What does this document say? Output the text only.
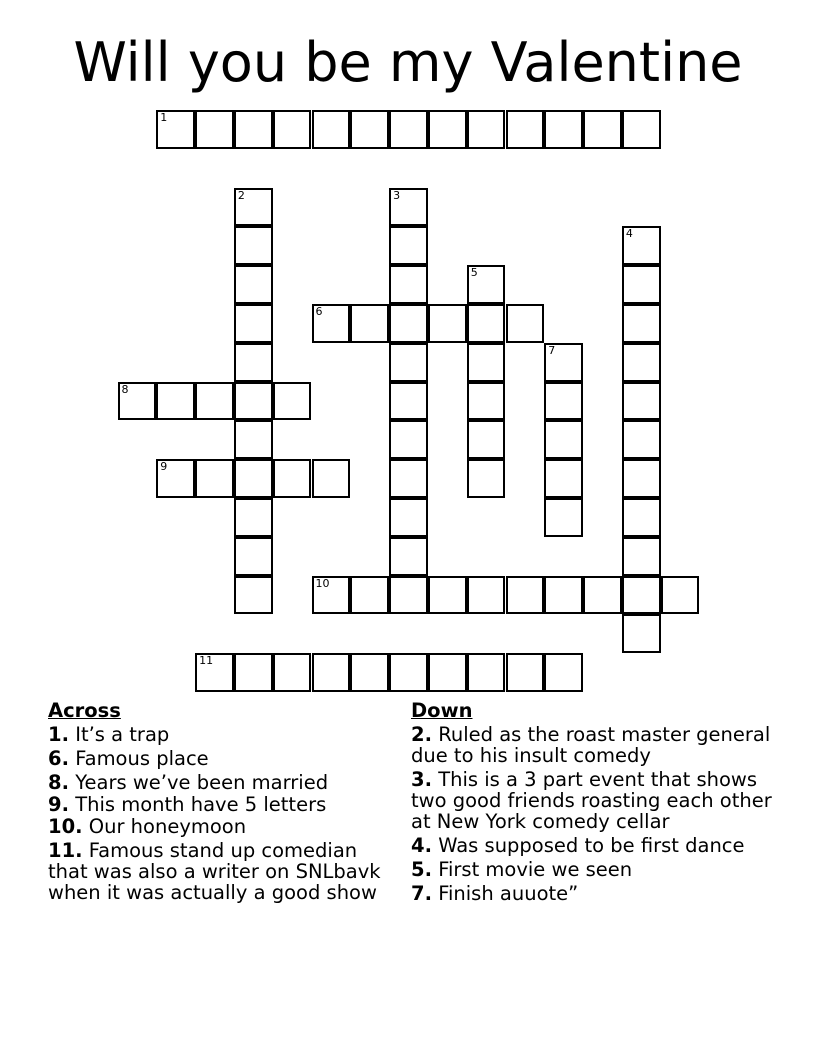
Will you be my Valentine
1
2	3
4
5
6
7
8
9
10
11
Across
1. It’s a trap
6. Famous place
8. Years we’ve been married
9. This month have 5 letters
10. Our honeymoon
11. Famous stand up comedian that was also a writer on SNLbavk when it was actually a good show
Down
2. Ruled as the roast master general due to his insult comedy
3. This is a 3 part event that shows two good friends roasting each other at New York comedy cellar
4. Was supposed to be first dance
5. First movie we seen
7. Finish auuote”
